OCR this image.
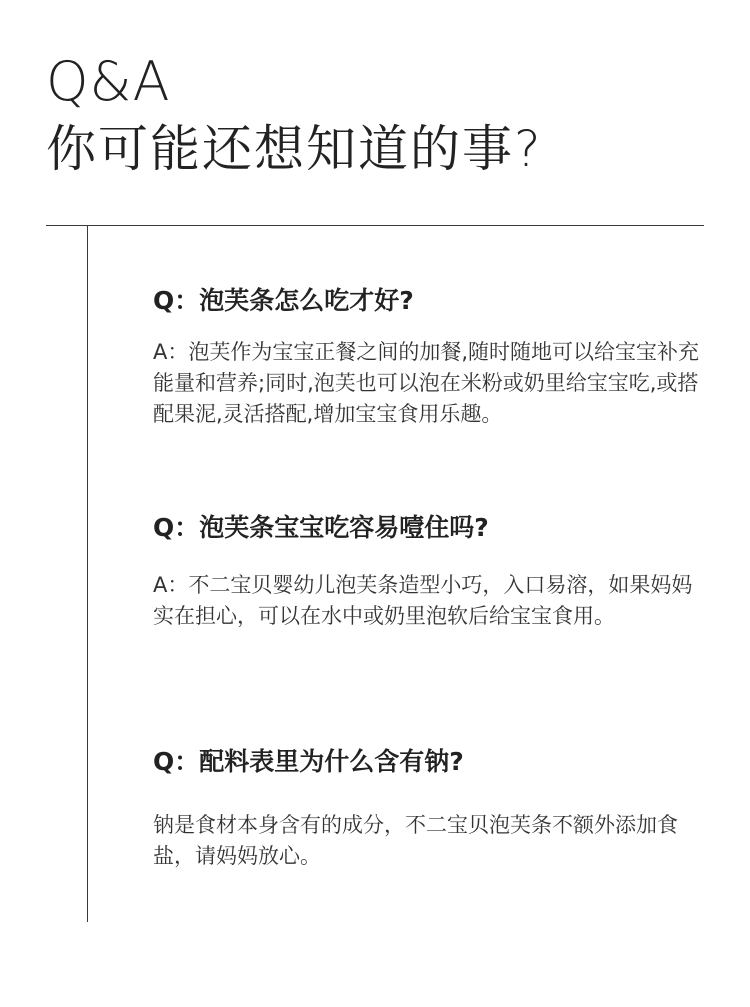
Q&A
你可能还想知道的事?

Q：泡芙条怎么吃才好?

A：泡芙作为宝宝正餐之间的加餐,随时随地可以给宝宝补充能量和营养;同时,泡芙也可以泡在米粉或奶里给宝宝吃,或搭配果泥,灵活搭配,增加宝宝食用乐趣。

Q：泡芙条宝宝吃容易噎住吗?

A：不二宝贝婴幼儿泡芙条造型小巧，入口易溶，如果妈妈实在担心，可以在水中或奶里泡软后给宝宝食用。

Q：配料表里为什么含有钠?

钠是食材本身含有的成分，不二宝贝泡芙条不额外添加食盐，请妈妈放心。
